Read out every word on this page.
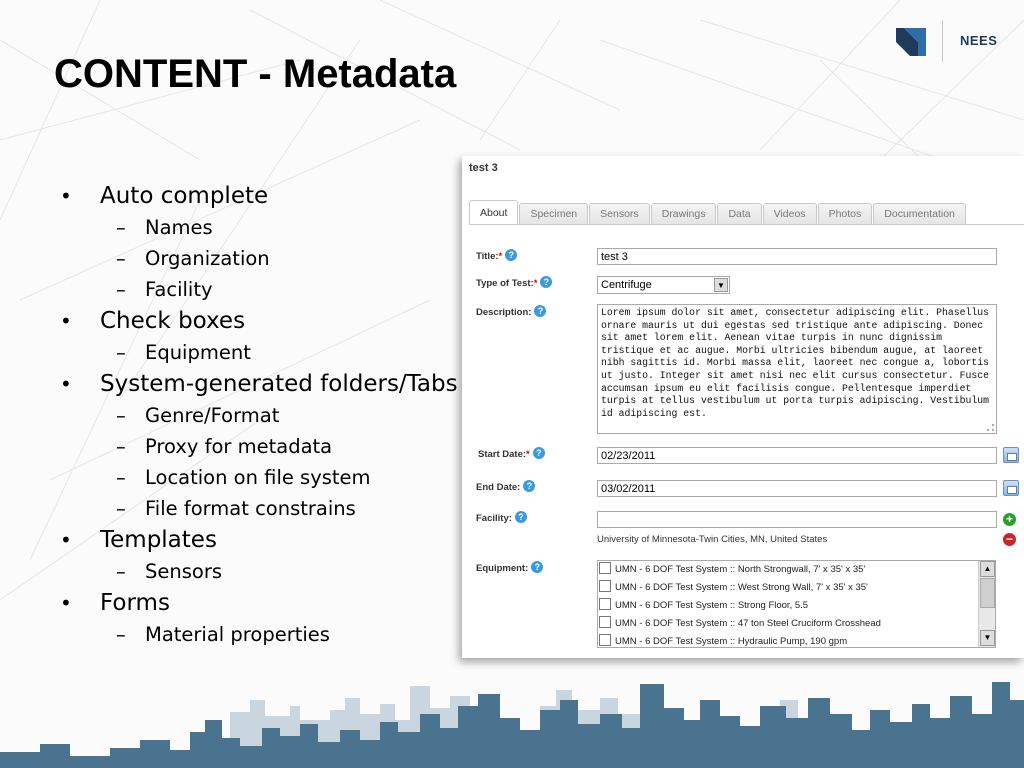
NEES
CONTENT - Metadata
• Auto complete
– Names
– Organization
– Facility
• Check boxes
– Equipment
• System-generated folders/Tabs
– Genre/Format
– Proxy for metadata
– Location on file system
– File format constrains
• Templates
– Sensors
• Forms
– Material properties
test 3
About	Specimen	Sensors	Drawings	Data	Videos	Photos	Documentation
Title:* ?	test 3
Type of Test:* ?	Centrifuge	▼
Description: ?	Lorem ipsum dolor sit amet, consectetur adipiscing elit. Phasellus ornare mauris ut dui egestas sed tristique ante adipiscing. Donec sit amet lorem elit. Aenean vitae turpis in nunc dignissim tristique et ac augue. Morbi ultricies bibendum augue, at laoreet nibh sagittis id. Morbi massa elit, laoreet nec congue a, lobortis ut justo. Integer sit amet nisi nec elit cursus consectetur. Fusce accumsan ipsum eu elit facilisis congue. Pellentesque imperdiet turpis at tellus vestibulum ut porta turpis adipiscing. Vestibulum id adipiscing est.
Start Date:* ?	02/23/2011
End Date: ?	03/02/2011
Facility: ?	+
−
University of Minnesota-Twin Cities, MN, United States
Equipment: ?	UMN - 6 DOF Test System :: North Strongwall, 7' x 35' x 35'
UMN - 6 DOF Test System :: West Strong Wall, 7' x 35' x 35'
UMN - 6 DOF Test System :: Strong Floor, 5.5
UMN - 6 DOF Test System :: 47 ton Steel Cruciform Crosshead
UMN - 6 DOF Test System :: Hydraulic Pump, 190 gpm
▲
▼
